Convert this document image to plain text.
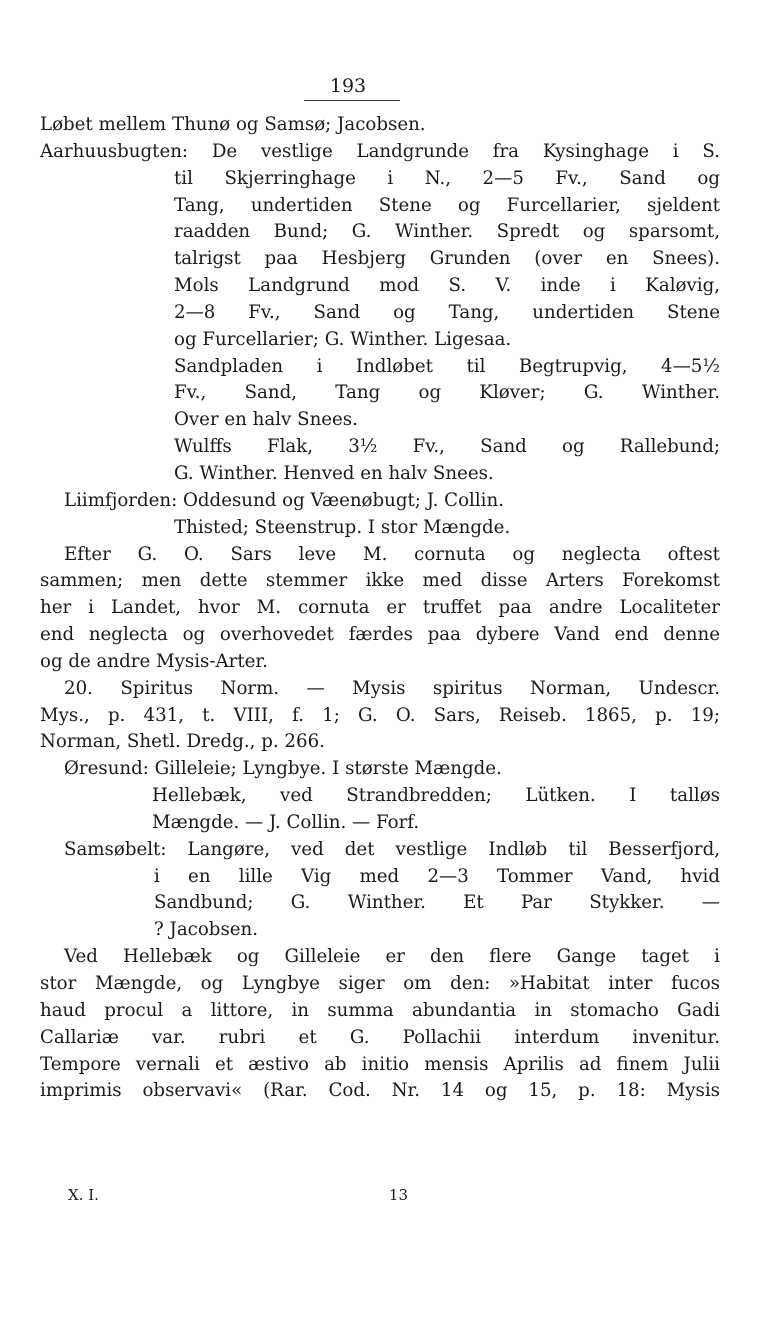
193
Løbet mellem Thunø og Samsø; Jacobsen.
Aarhuusbugten: De vestlige Landgrunde fra Kysinghage i S.
til Skjerringhage i N., 2—5 Fv., Sand og
Tang, undertiden Stene og Furcellarier, sjeldent
raadden Bund; G. Winther. Spredt og sparsomt,
talrigst paa Hesbjerg Grunden (over en Snees).
Mols Landgrund mod S. V. inde i Kaløvig,
2—8 Fv., Sand og Tang, undertiden Stene
og Furcellarier; G. Winther. Ligesaa.
Sandpladen i Indløbet til Begtrupvig, 4—5½
Fv., Sand, Tang og Kløver; G. Winther.
Over en halv Snees.
Wulffs Flak, 3½ Fv., Sand og Rallebund;
G. Winther. Henved en halv Snees.
Liimfjorden: Oddesund og Væenøbugt; J. Collin.
Thisted; Steenstrup. I stor Mængde.
Efter G. O. Sars leve M. cornuta og neglecta oftest
sammen; men dette stemmer ikke med disse Arters Forekomst
her i Landet, hvor M. cornuta er truffet paa andre Localiteter
end neglecta og overhovedet færdes paa dybere Vand end denne
og de andre Mysis-Arter.
20. Spiritus Norm. — Mysis spiritus Norman, Undescr.
Mys., p. 431, t. VIII, f. 1; G. O. Sars, Reiseb. 1865, p. 19;
Norman, Shetl. Dredg., p. 266.
Øresund: Gilleleie; Lyngbye. I største Mængde.
Hellebæk, ved Strandbredden; Lütken. I talløs
Mængde. — J. Collin. — Forf.
Samsøbelt: Langøre, ved det vestlige Indløb til Besserfjord,
i en lille Vig med 2—3 Tommer Vand, hvid
Sandbund; G. Winther. Et Par Stykker. —
? Jacobsen.
Ved Hellebæk og Gilleleie er den flere Gange taget i
stor Mængde, og Lyngbye siger om den: »Habitat inter fucos
haud procul a littore, in summa abundantia in stomacho Gadi
Callariæ var. rubri et G. Pollachii interdum invenitur.
Tempore vernali et æstivo ab initio mensis Aprilis ad finem Julii
imprimis observavi« (Rar. Cod. Nr. 14 og 15, p. 18: Mysis
X. I.	13
